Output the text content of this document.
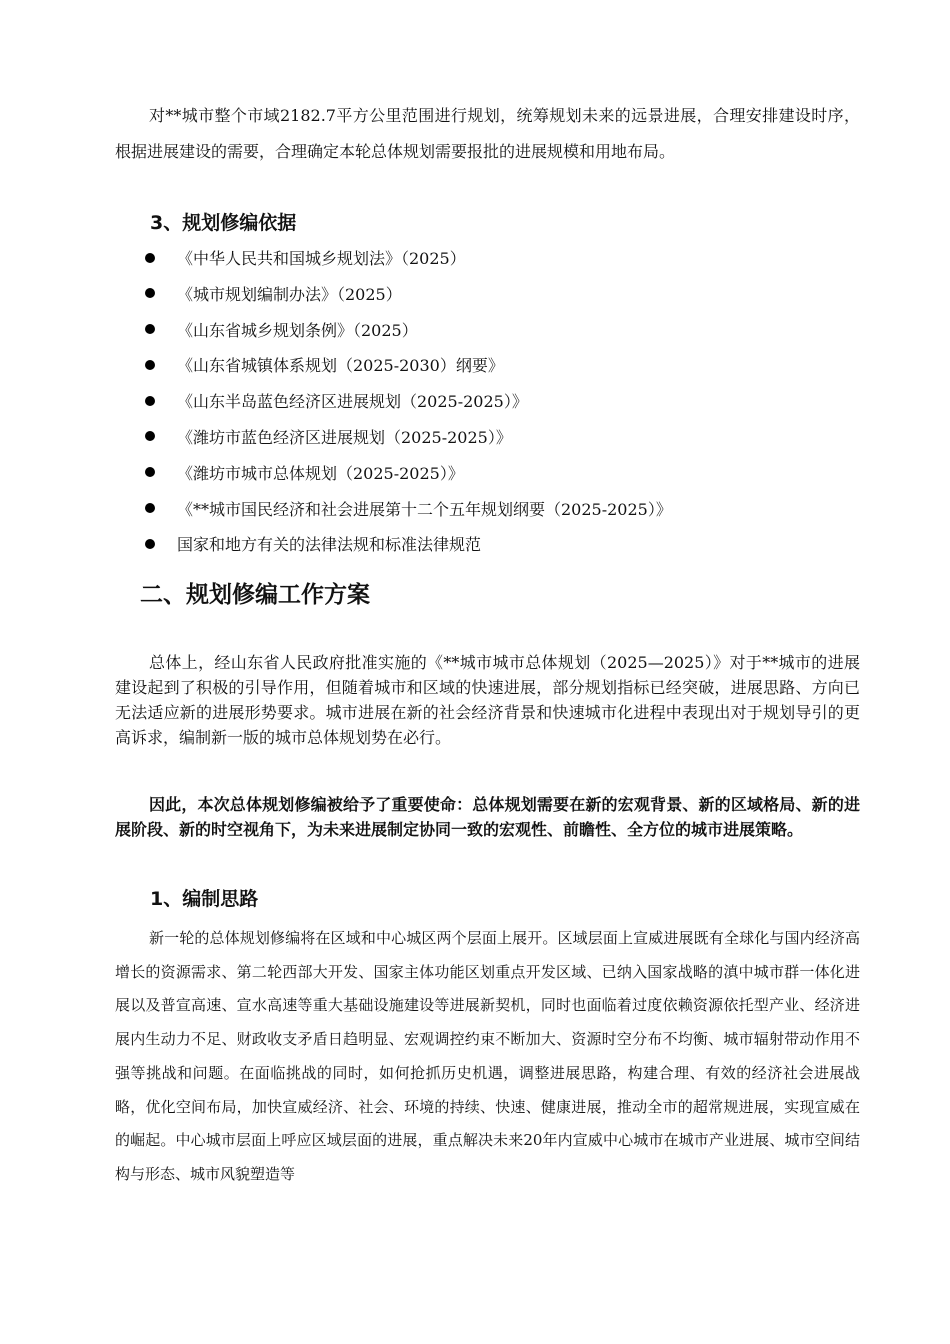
对**城市整个市域2182.7平方公里范围进行规划，统筹规划未来的远景进展，合理安排建设时序，根据进展建设的需要，合理确定本轮总体规划需要报批的进展规模和用地布局。

3、规划修编依据
《中华人民共和国城乡规划法》（2025）
《城市规划编制办法》（2025）
《山东省城乡规划条例》（2025）
《山东省城镇体系规划（2025-2030）纲要》
《山东半岛蓝色经济区进展规划（2025-2025）》
《潍坊市蓝色经济区进展规划（2025-2025）》
《潍坊市城市总体规划（2025-2025）》
《**城市国民经济和社会进展第十二个五年规划纲要（2025-2025）》
国家和地方有关的法律法规和标准法律规范
二、规划修编工作方案

总体上，经山东省人民政府批准实施的《**城市城市总体规划（2025—2025）》对于**城市的进展建设起到了积极的引导作用，但随着城市和区域的快速进展，部分规划指标已经突破，进展思路、方向已无法适应新的进展形势要求。城市进展在新的社会经济背景和快速城市化进程中表现出对于规划导引的更高诉求，编制新一版的城市总体规划势在必行。

因此，本次总体规划修编被给予了重要使命：总体规划需要在新的宏观背景、新的区域格局、新的进展阶段、新的时空视角下，为未来进展制定协同一致的宏观性、前瞻性、全方位的城市进展策略。

1、编制思路

新一轮的总体规划修编将在区域和中心城区两个层面上展开。区域层面上宣威进展既有全球化与国内经济高增长的资源需求、第二轮西部大开发、国家主体功能区划重点开发区域、已纳入国家战略的滇中城市群一体化进展以及普宣高速、宣水高速等重大基础设施建设等进展新契机，同时也面临着过度依赖资源依托型产业、经济进展内生动力不足、财政收支矛盾日趋明显、宏观调控约束不断加大、资源时空分布不均衡、城市辐射带动作用不强等挑战和问题。在面临挑战的同时，如何抢抓历史机遇，调整进展思路，构建合理、有效的经济社会进展战略，优化空间布局，加快宣威经济、社会、环境的持续、快速、健康进展，推动全市的超常规进展，实现宣威在的崛起。中心城市层面上呼应区域层面的进展，重点解决未来20年内宣威中心城市在城市产业进展、城市空间结构与形态、城市风貌塑造等
